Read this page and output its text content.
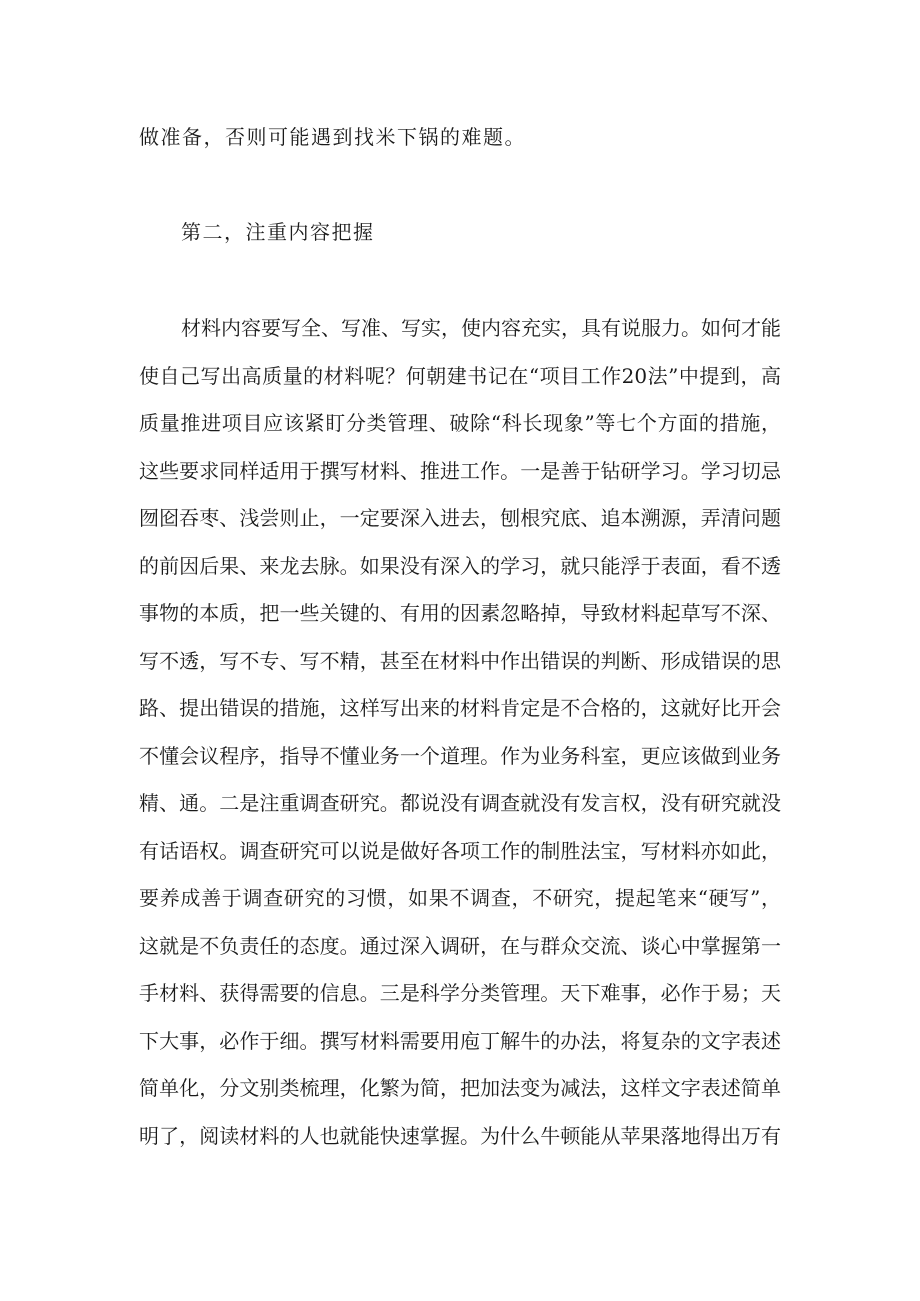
做准备，否则可能遇到找米下锅的难题。
第二，注重内容把握
材料内容要写全、写准、写实，使内容充实，具有说服力。如何才能
使自己写出高质量的材料呢？何朝建书记在“项目工作20法”中提到，高
质量推进项目应该紧盯分类管理、破除“科长现象”等七个方面的措施，
这些要求同样适用于撰写材料、推进工作。一是善于钻研学习。学习切忌
囫囵吞枣、浅尝则止，一定要深入进去，刨根究底、追本溯源，弄清问题
的前因后果、来龙去脉。如果没有深入的学习，就只能浮于表面，看不透
事物的本质，把一些关键的、有用的因素忽略掉，导致材料起草写不深、
写不透，写不专、写不精，甚至在材料中作出错误的判断、形成错误的思
路、提出错误的措施，这样写出来的材料肯定是不合格的，这就好比开会
不懂会议程序，指导不懂业务一个道理。作为业务科室，更应该做到业务
精、通。二是注重调查研究。都说没有调查就没有发言权，没有研究就没
有话语权。调查研究可以说是做好各项工作的制胜法宝，写材料亦如此，
要养成善于调查研究的习惯，如果不调查，不研究，提起笔来“硬写”，
这就是不负责任的态度。通过深入调研，在与群众交流、谈心中掌握第一
手材料、获得需要的信息。三是科学分类管理。天下难事，必作于易；天
下大事，必作于细。撰写材料需要用庖丁解牛的办法，将复杂的文字表述
简单化，分文别类梳理，化繁为简，把加法变为减法，这样文字表述简单
明了，阅读材料的人也就能快速掌握。为什么牛顿能从苹果落地得出万有
